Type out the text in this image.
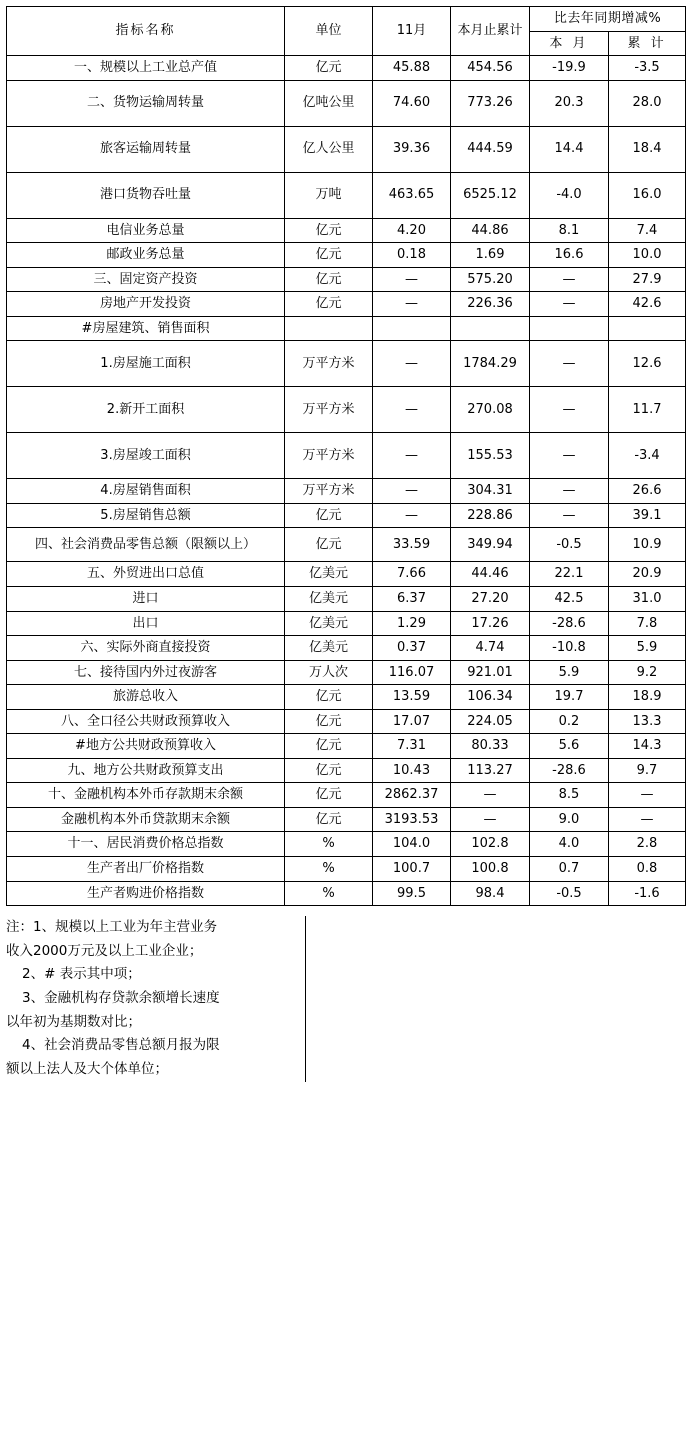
指标名称	单位	11月	本月止累计	比去年同期增减%	
				本 月	累 计
一、规模以上工业总产值	亿元	45.88	454.56	-19.9	-3.5
二、货物运输周转量	亿吨公里	74.60	773.26	20.3	28.0
旅客运输周转量	亿人公里	39.36	444.59	14.4	18.4
港口货物吞吐量	万吨	463.65	6525.12	-4.0	16.0
电信业务总量	亿元	4.20	44.86	8.1	7.4
邮政业务总量	亿元	0.18	1.69	16.6	10.0
三、固定资产投资	亿元	—	575.20	—	27.9
房地产开发投资	亿元	—	226.36	—	42.6
#房屋建筑、销售面积					
1.房屋施工面积	万平方米	—	1784.29	—	12.6
2.新开工面积	万平方米	—	270.08	—	11.7
3.房屋竣工面积	万平方米	—	155.53	—	-3.4
4.房屋销售面积	万平方米	—	304.31	—	26.6
5.房屋销售总额	亿元	—	228.86	—	39.1
四、社会消费品零售总额（限额以上）	亿元	33.59	349.94	-0.5	10.9
五、外贸进出口总值	亿美元	7.66	44.46	22.1	20.9
进口	亿美元	6.37	27.20	42.5	31.0
出口	亿美元	1.29	17.26	-28.6	7.8
六、实际外商直接投资	亿美元	0.37	4.74	-10.8	5.9
七、接待国内外过夜游客	万人次	116.07	921.01	5.9	9.2
旅游总收入	亿元	13.59	106.34	19.7	18.9
八、全口径公共财政预算收入	亿元	17.07	224.05	0.2	13.3
#地方公共财政预算收入	亿元	7.31	80.33	5.6	14.3
九、地方公共财政预算支出	亿元	10.43	113.27	-28.6	9.7
十、金融机构本外币存款期末余额	亿元	2862.37	—	8.5	—
金融机构本外币贷款期末余额	亿元	3193.53	—	9.0	—
十一、居民消费价格总指数	%	104.0	102.8	4.0	2.8
生产者出厂价格指数	%	100.7	100.8	0.7	0.8
生产者购进价格指数	%	99.5	98.4	-0.5	-1.6
注：1、规模以上工业为年主营业务
收入2000万元及以上工业企业；
2、# 表示其中项；
3、金融机构存贷款余额增长速度
以年初为基期数对比；
4、社会消费品零售总额月报为限
额以上法人及大个体单位；
